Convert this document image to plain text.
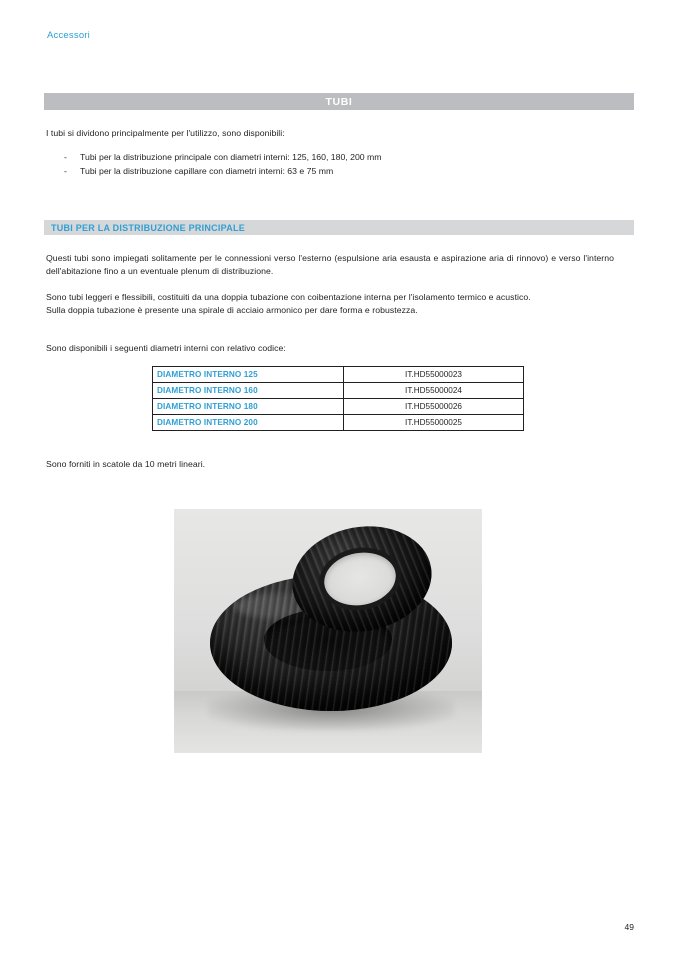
Accessori
TUBI
I tubi si dividono principalmente per l'utilizzo, sono disponibili:
-	Tubi per la distribuzione principale con diametri interni: 125, 160, 180, 200 mm
-	Tubi per la distribuzione capillare con diametri interni: 63 e 75 mm
TUBI PER LA DISTRIBUZIONE PRINCIPALE
Questi tubi sono impiegati solitamente per le connessioni verso l'esterno (espulsione aria esausta e aspirazione aria di rinnovo) e verso l'interno dell'abitazione fino a un eventuale plenum di distribuzione.
Sono tubi leggeri e flessibili, costituiti da una doppia tubazione con coibentazione interna per l'isolamento termico e acustico.
Sulla doppia tubazione è presente una spirale di acciaio armonico per dare forma e robustezza.
Sono disponibili i seguenti diametri interni con relativo codice:
DIAMETRO INTERNO 125	IT.HD55000023
DIAMETRO INTERNO 160	IT.HD55000024
DIAMETRO INTERNO 180	IT.HD55000026
DIAMETRO INTERNO 200	IT.HD55000025
Sono forniti in scatole da 10 metri lineari.
49
